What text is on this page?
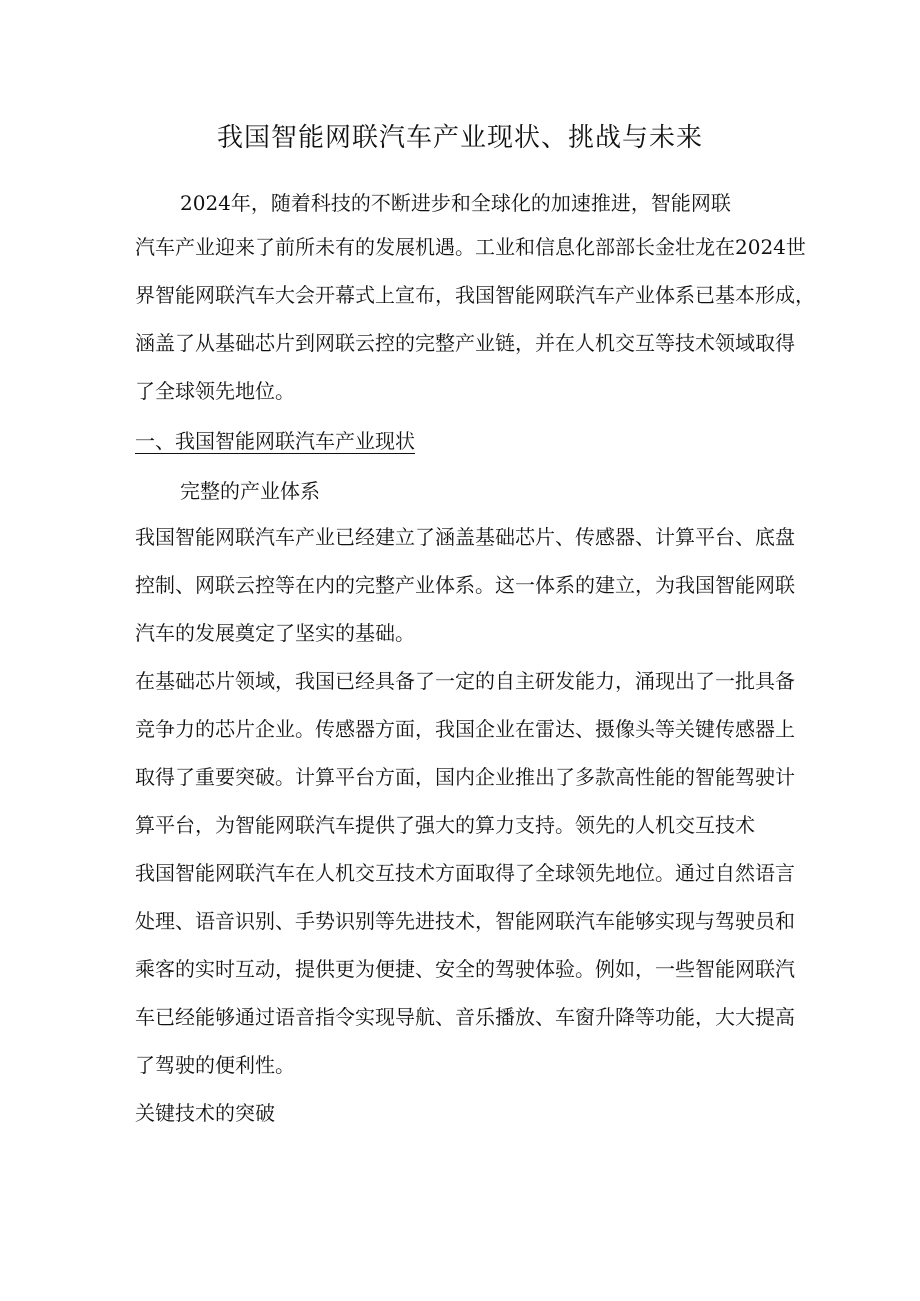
我国智能网联汽车产业现状、挑战与未来
2024年，随着科技的不断进步和全球化的加速推进，智能网联
汽车产业迎来了前所未有的发展机遇。工业和信息化部部长金壮龙在2024世
界智能网联汽车大会开幕式上宣布，我国智能网联汽车产业体系已基本形成，
涵盖了从基础芯片到网联云控的完整产业链，并在人机交互等技术领域取得
了全球领先地位。
一、我国智能网联汽车产业现状
完整的产业体系
我国智能网联汽车产业已经建立了涵盖基础芯片、传感器、计算平台、底盘
控制、网联云控等在内的完整产业体系。这一体系的建立，为我国智能网联
汽车的发展奠定了坚实的基础。
在基础芯片领域，我国已经具备了一定的自主研发能力，涌现出了一批具备
竞争力的芯片企业。传感器方面，我国企业在雷达、摄像头等关键传感器上
取得了重要突破。计算平台方面，国内企业推出了多款高性能的智能驾驶计
算平台，为智能网联汽车提供了强大的算力支持。领先的人机交互技术
我国智能网联汽车在人机交互技术方面取得了全球领先地位。通过自然语言
处理、语音识别、手势识别等先进技术，智能网联汽车能够实现与驾驶员和
乘客的实时互动，提供更为便捷、安全的驾驶体验。例如，一些智能网联汽
车已经能够通过语音指令实现导航、音乐播放、车窗升降等功能，大大提高
了驾驶的便利性。
关键技术的突破
